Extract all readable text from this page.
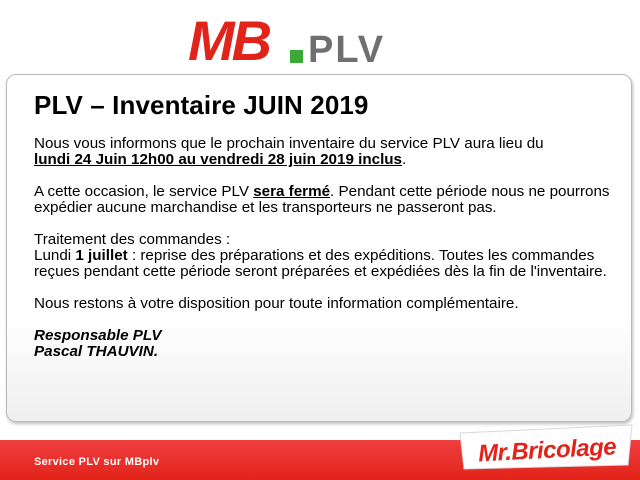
MB PLV
PLV – Inventaire JUIN 2019

Nous vous informons que le prochain inventaire du service PLV aura lieu du
lundi 24 Juin 12h00 au vendredi 28 juin 2019 inclus.

A cette occasion, le service PLV sera fermé. Pendant cette période nous ne pourrons expédier aucune marchandise et les transporteurs ne passeront pas.

Traitement des commandes :
Lundi 1 juillet : reprise des préparations et des expéditions. Toutes les commandes reçues pendant cette période seront préparées et expédiées dès la fin de l'inventaire.

Nous restons à votre disposition pour toute information complémentaire.

Responsable PLV

Pascal THAUVIN.

Service PLV sur MBplv	Mr.Bricolage
